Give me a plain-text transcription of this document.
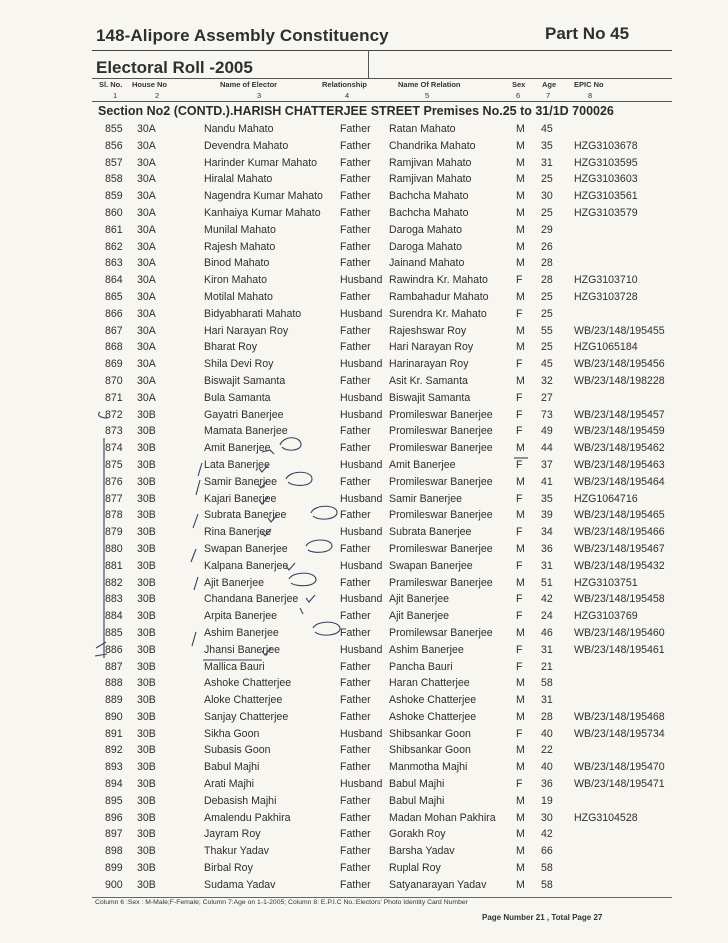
148-Alipore Assembly Constituency	Part No 45
Electoral Roll -2005
Sl. No. House No	Name of Elector	Relationship	Name Of Relation	Sex Age EPIC No
1	2	3	4	5	6	7	8
Section No2 (CONTD.).HARISH CHATTERJEE STREET Premises No.25 to 31/1D 700026
855 30A	Nandu Mahato	Father Ratan Mahato	M 45
856 30A	Devendra Mahato	Father Chandrika Mahato	M 35 HZG3103678
857 30A	Harinder Kumar Mahato Father Ramjivan Mahato	M 31 HZG3103595
858 30A	Hiralal Mahato	Father Ramjivan Mahato	M 25 HZG3103603
859 30A	Nagendra Kumar Mahato Father Bachcha Mahato	M 30 HZG3103561
860 30A	Kanhaiya Kumar Mahato Father Bachcha Mahato	M 25 HZG3103579
861 30A	Munilal Mahato	Father Daroga Mahato	M 29
862 30A	Rajesh Mahato	Father Daroga Mahato	M 26
863 30A	Binod Mahato	Father Jainand Mahato	M 28
864 30A	Kiron Mahato	Husband Rawindra Kr. Mahato	F 28 HZG3103710
865 30A	Motilal Mahato	Father Rambahadur Mahato	M 25 HZG3103728
866 30A	Bidyabharati Mahato	Husband Surendra Kr. Mahato	F 25
867 30A	Hari Narayan Roy	Father Rajeshswar Roy	M 55 WB/23/148/195455
868 30A	Bharat Roy	Father Hari Narayan Roy	M 25 HZG1065184
869 30A	Shila Devi Roy	Husband Harinarayan Roy	F 45 WB/23/148/195456
870 30A	Biswajit Samanta	Father Asit Kr. Samanta	M 32 WB/23/148/198228
871 30A	Bula Samanta	Husband Biswajit Samanta	F 27
872 30B	Gayatri Banerjee	Husband Promileswar Banerjee F 73 WB/23/148/195457
873 30B	Mamata Banerjee	Father Promileswar Banerjee F 49 WB/23/148/195459
874 30B	Amit Banerjee	Father Promileswar Banerjee M 44 WB/23/148/195462
875 30B	Lata Banerjee	Husband Amit Banerjee	F 37 WB/23/148/195463
876 30B	Samir Banerjee	Father Promileswar Banerjee M 41 WB/23/148/195464
877 30B	Kajari Banerjee	Husband Samir Banerjee	F 35 HZG1064716
878 30B	Subrata Banerjee	Father Promileswar Banerjee M 39 WB/23/148/195465
879 30B	Rina Banerjee	Husband Subrata Banerjee	F 34 WB/23/148/195466
880 30B	Swapan Banerjee	Father Promileswar Banerjee M 36 WB/23/148/195467
881 30B	Kalpana Banerjee	Husband Swapan Banerjee	F 31 WB/23/148/195432
882 30B	Ajit Banerjee	Father Pramileswar Banerjee M 51 HZG3103751
883 30B	Chandana Banerjee	Husband Ajit Banerjee	F 42 WB/23/148/195458
884 30B	Arpita Banerjee	Father Ajit Banerjee	F 24 HZG3103769
885 30B	Ashim Banerjee	Father Promilewsar Banerjee M 46 WB/23/148/195460
886 30B	Jhansi Banerjee	Husband Ashim Banerjee	F 31 WB/23/148/195461
887 30B	Mallica Bauri	Father Pancha Bauri	F 21
888 30B	Ashoke Chatterjee	Father Haran Chatterjee	M 58
889 30B	Aloke Chatterjee	Father Ashoke Chatterjee	M 31
890 30B	Sanjay Chatterjee	Father Ashoke Chatterjee	M 28 WB/23/148/195468
891 30B	Sikha Goon	Husband Shibsankar Goon	F 40 WB/23/148/195734
892 30B	Subasis Goon	Father Shibsankar Goon	M 22
893 30B	Babul Majhi	Father Manmotha Majhi	M 40 WB/23/148/195470
894 30B	Arati Majhi	Husband Babul Majhi	F 36 WB/23/148/195471
895 30B	Debasish Majhi	Father Babul Majhi	M 19
896 30B	Amalendu Pakhira	Father Madan Mohan Pakhira M 30 HZG3104528
897 30B	Jayram Roy	Father Gorakh Roy	M 42
898 30B	Thakur Yadav	Father Barsha Yadav	M 66
899 30B	Birbal Roy	Father Ruplal Roy	M 58
900 30B	Sudama Yadav	Father Satyanarayan Yadav	M 58
Column 6 :Sex : M-Male;F-Female; Column 7:Age on 1-1-2005; Column 8: E.P.I.C No.:Electors' Photo Identity Card Number
Page Number 21 , Total Page 27
